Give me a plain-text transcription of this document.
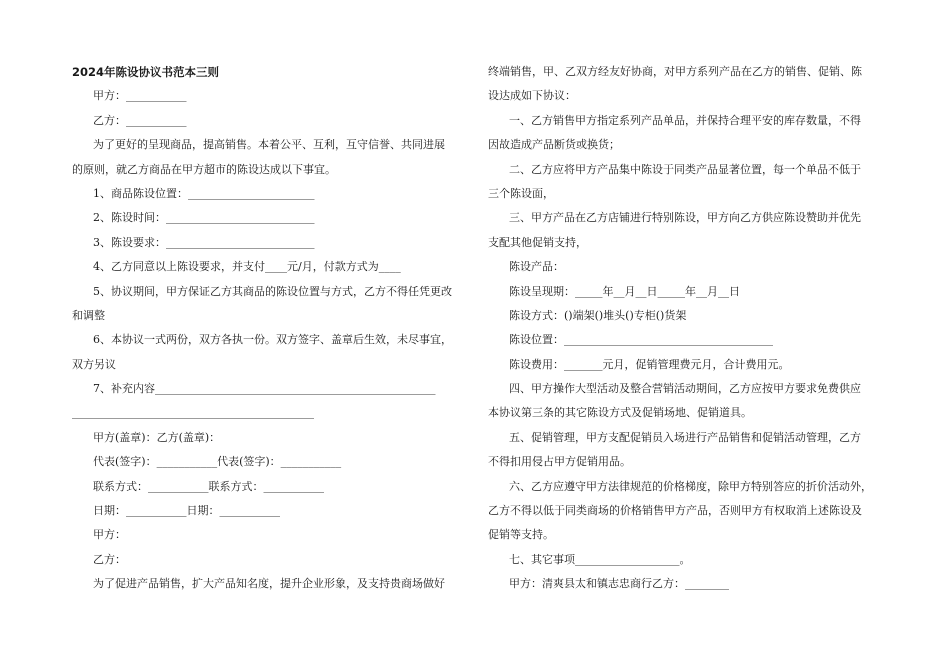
2024年陈设协议书范本三则
甲方：___________
乙方：___________
为了更好的呈现商品，提高销售。本着公平、互利，互守信誉、共同进展
的原则，就乙方商品在甲方超市的陈设达成以下事宜。
1、商品陈设位置：_______________________
2、陈设时间：___________________________
3、陈设要求：___________________________
4、乙方同意以上陈设要求，并支付____元/月，付款方式为____
5、协议期间，甲方保证乙方其商品的陈设位置与方式，乙方不得任凭更改
和调整
6、本协议一式两份，双方各执一份。双方签字、盖章后生效，未尽事宜，
双方另议
7、补充内容___________________________________________________
____________________________________________
甲方(盖章)：乙方(盖章)：
代表(签字)：___________代表(签字)：___________
联系方式：___________联系方式：___________
日期：___________日期：___________
甲方：
乙方：
为了促进产品销售，扩大产品知名度，提升企业形象，及支持贵商场做好
终端销售，甲、乙双方经友好协商，对甲方系列产品在乙方的销售、促销、陈
设达成如下协议：
一、乙方销售甲方指定系列产品单品，并保持合理平安的库存数量，不得
因故造成产品断货或换货；
二、乙方应将甲方产品集中陈设于同类产品显著位置，每一个单品不低于
三个陈设面，
三、甲方产品在乙方店铺进行特别陈设，甲方向乙方供应陈设赞助并优先
支配其他促销支持，
陈设产品：
陈设呈现期：_____年__月__日_____年__月__日
陈设方式：()端架()堆头()专柜()货架
陈设位置：______________________________________
陈设费用：_______元月，促销管理费元月，合计费用元。
四、甲方操作大型活动及整合营销活动期间，乙方应按甲方要求免费供应
本协议第三条的其它陈设方式及促销场地、促销道具。
五、促销管理，甲方支配促销员入场进行产品销售和促销活动管理，乙方
不得扣用侵占甲方促销用品。
六、乙方应遵守甲方法律规范的价格梯度，除甲方特别答应的折价活动外，
乙方不得以低于同类商场的价格销售甲方产品，否则甲方有权取消上述陈设及
促销等支持。
七、其它事项___________________。
甲方：清爽县太和镇志忠商行乙方：________
